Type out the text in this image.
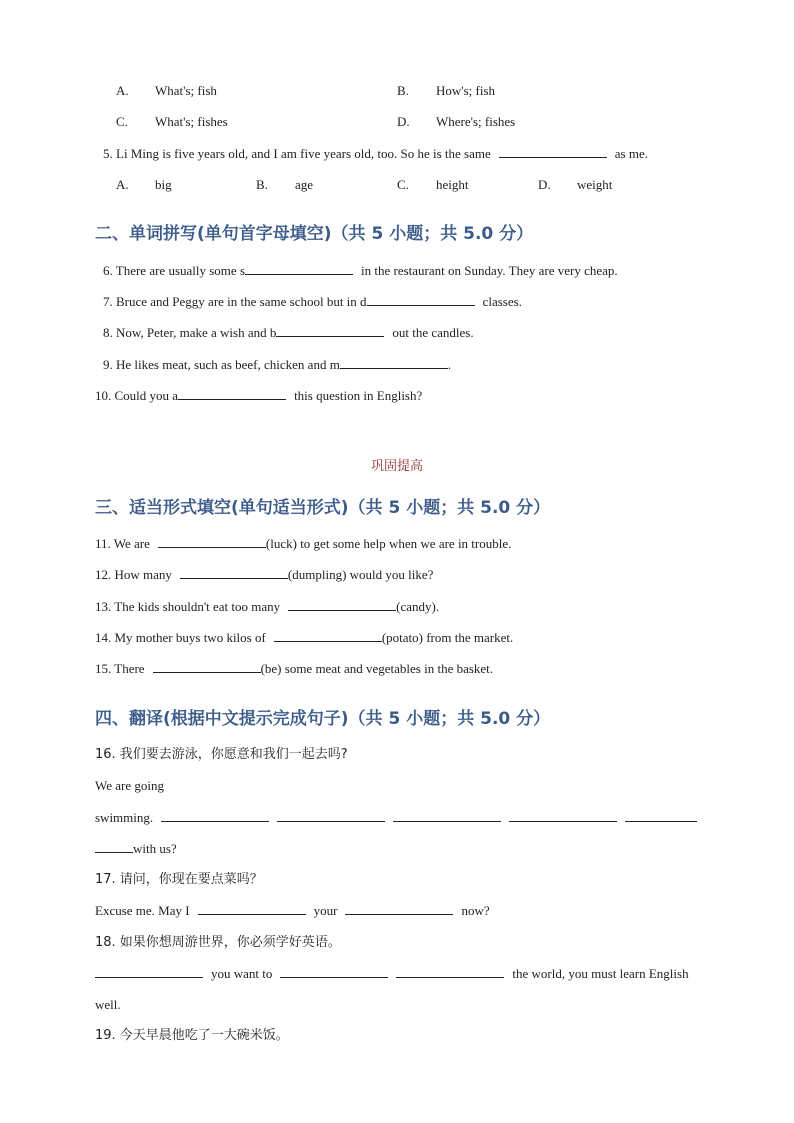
A. What's; fish	B. How's; fish
C. What's; fishes	D. Where's; fishes
5. Li Ming is five years old, and I am five years old, too. So he is the same	as me.
A. big	B. age	C. height	D. weight
二、单词拼写(单句首字母填空)（共 5 小题；共 5.0 分）
6. There are usually some s	in the restaurant on Sunday. They are very cheap.
7. Bruce and Peggy are in the same school but in d	classes.
8. Now, Peter, make a wish and b	out the candles.
9. He likes meat, such as beef, chicken and m	.
10. Could you a	this question in English?
巩固提高
三、适当形式填空(单句适当形式)（共 5 小题；共 5.0 分）
11. We are	(luck) to get some help when we are in trouble.
12. How many	(dumpling) would you like?
13. The kids shouldn't eat too many	(candy).
14. My mother buys two kilos of	(potato) from the market.
15. There	(be) some meat and vegetables in the basket.
四、翻译(根据中文提示完成句子)（共 5 小题；共 5.0 分）
16. 我们要去游泳，你愿意和我们一起去吗?
We are going
swimming.
with us?
17. 请问，你现在要点菜吗？
Excuse me. May I	your	now?
18. 如果你想周游世界，你必须学好英语。
you want to	the world, you must learn English
well.
19. 今天早晨他吃了一大碗米饭。
